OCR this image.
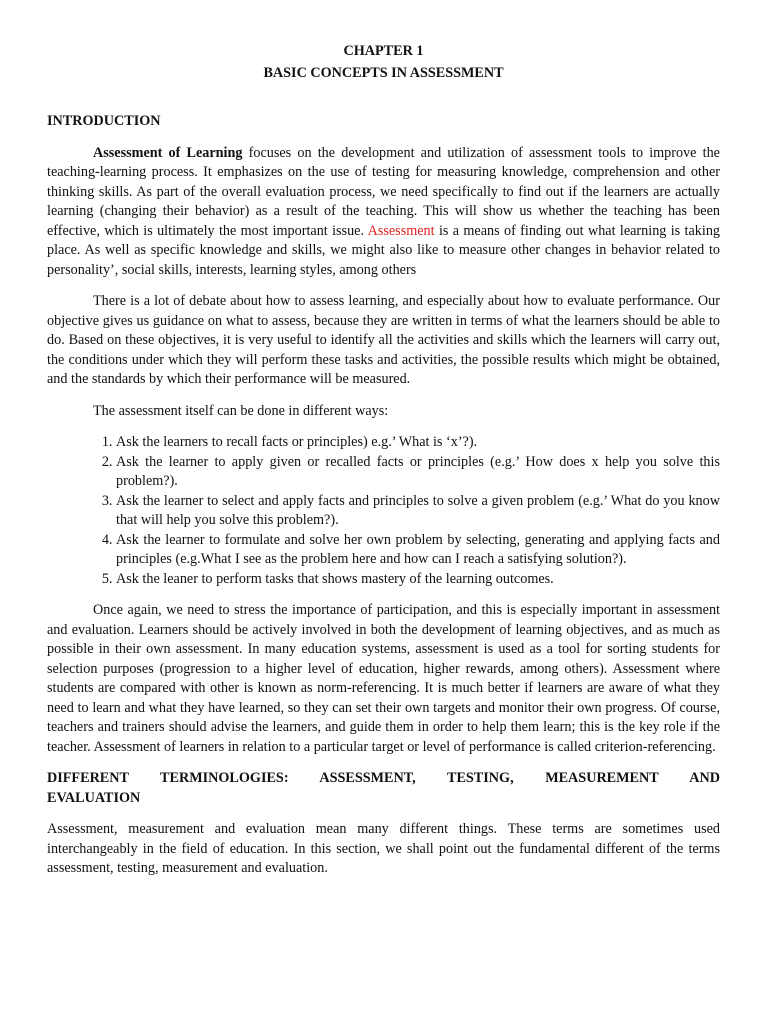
CHAPTER 1
BASIC CONCEPTS IN ASSESSMENT
INTRODUCTION

Assessment of Learning focuses on the development and utilization of assessment tools to improve the teaching-learning process. It emphasizes on the use of testing for measuring knowledge, comprehension and other thinking skills. As part of the overall evaluation process, we need specifically to find out if the learners are actually learning (changing their behavior) as a result of the teaching. This will show us whether the teaching has been effective, which is ultimately the most important issue. Assessment is a means of finding out what learning is taking place. As well as specific knowledge and skills, we might also like to measure other changes in behavior related to personality’, social skills, interests, learning styles, among others

There is a lot of debate about how to assess learning, and especially about how to evaluate performance. Our objective gives us guidance on what to assess, because they are written in terms of what the learners should be able to do. Based on these objectives, it is very useful to identify all the activities and skills which the learners will carry out, the conditions under which they will perform these tasks and activities, the possible results which might be obtained, and the standards by which their performance will be measured.

The assessment itself can be done in different ways:

1. Ask the learners to recall facts or principles) e.g.’ What is ‘x’?).
2. Ask the learner to apply given or recalled facts or principles (e.g.’ How does x help you solve this problem?).
3. Ask the learner to select and apply facts and principles to solve a given problem (e.g.’ What do you know that will help you solve this problem?).
4. Ask the learner to formulate and solve her own problem by selecting, generating and applying facts and principles (e.g.What I see as the problem here and how can I reach a satisfying solution?).
5. Ask the leaner to perform tasks that shows mastery of the learning outcomes.

Once again, we need to stress the importance of participation, and this is especially important in assessment and evaluation. Learners should be actively involved in both the development of learning objectives, and as much as possible in their own assessment. In many education systems, assessment is used as a tool for sorting students for selection purposes (progression to a higher level of education, higher rewards, among others). Assessment where students are compared with other is known as norm-referencing. It is much better if learners are aware of what they need to learn and what they have learned, so they can set their own targets and monitor their own progress. Of course, teachers and trainers should advise the learners, and guide them in order to help them learn; this is the key role if the teacher. Assessment of learners in relation to a particular target or level of performance is called criterion-referencing.

DIFFERENT TERMINOLOGIES: ASSESSMENT, TESTING, MEASUREMENT AND
EVALUATION

Assessment, measurement and evaluation mean many different things. These terms are sometimes used interchangeably in the field of education. In this section, we shall point out the fundamental different of the terms assessment, testing, measurement and evaluation.
